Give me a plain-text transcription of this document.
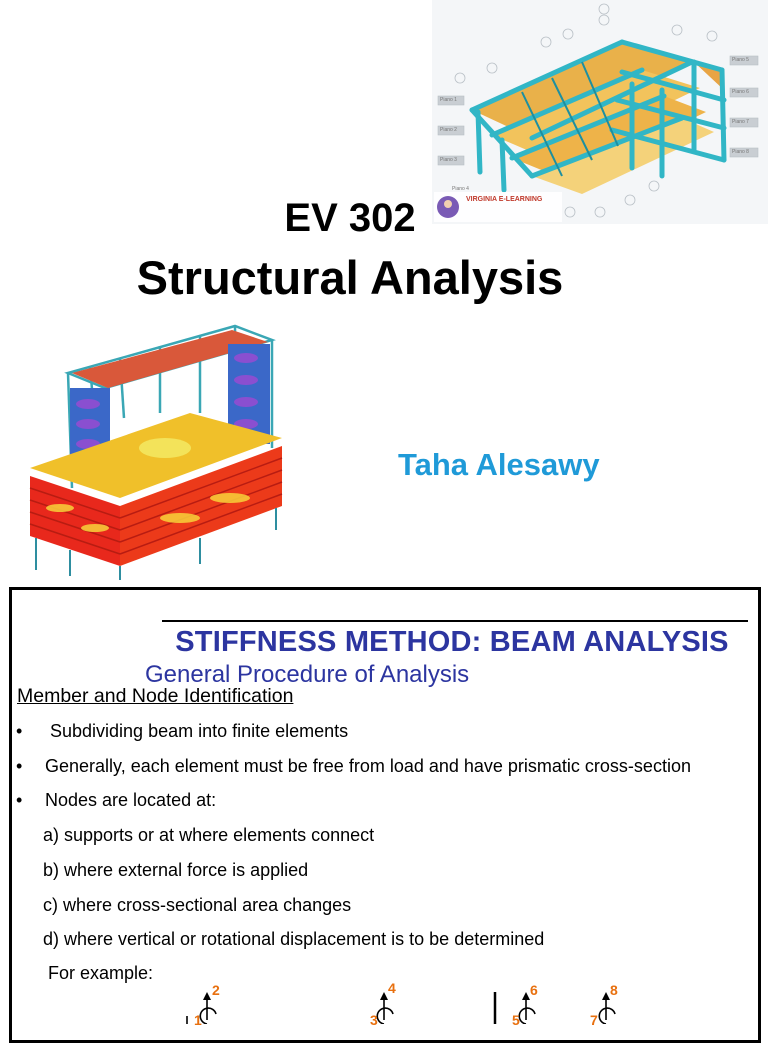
VIRGINIA E-LEARNING
Piano 1
Piano 2
Piano 3
Piano 5
Piano 6
Piano 7
Piano 8
Piano 4
EV 302
Structural Analysis
Taha Alesawy
STIFFNESS METHOD: BEAM ANALYSIS
General Procedure of Analysis
Member and Node Identification
• Subdividing beam into finite elements
• Generally, each element must be free from load and have prismatic cross-section
• Nodes are located at:
a) supports or at where elements connect
b) where external force is applied
c) where cross-sectional area changes
d) where vertical or rotational displacement is to be determined
For example:
2
1
4
3
6
5
8
7
